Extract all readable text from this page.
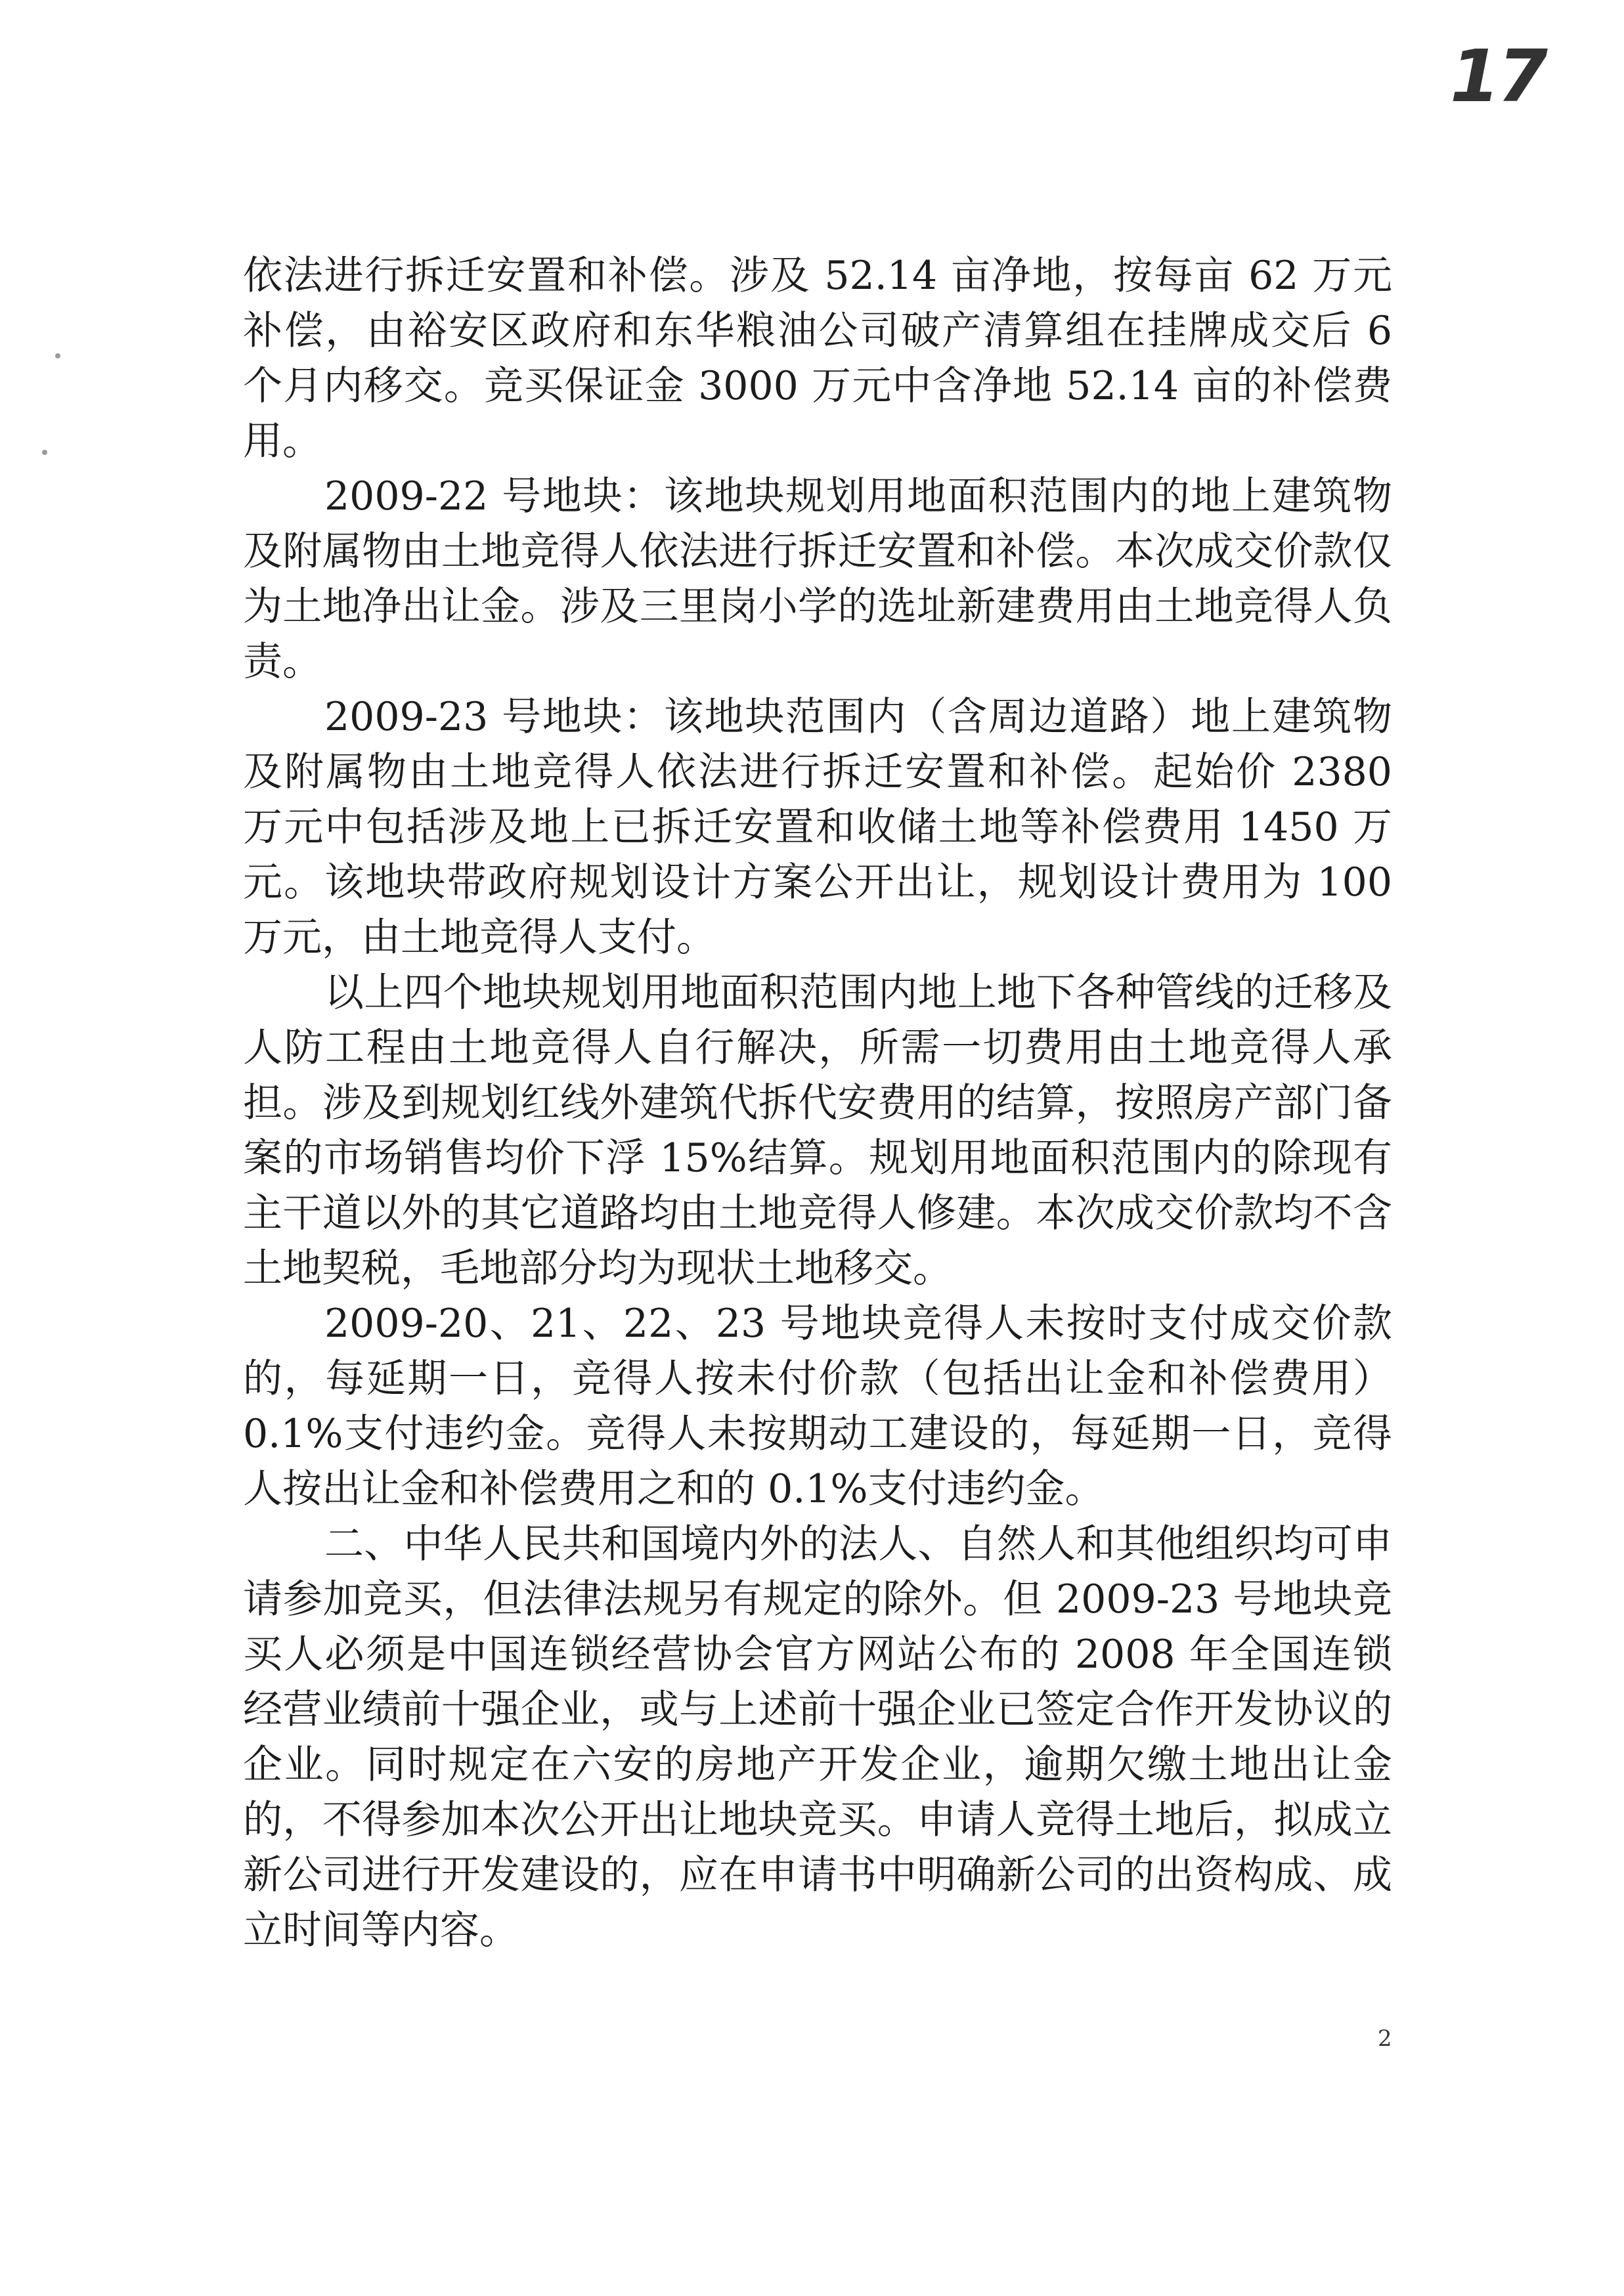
17

依法进行拆迁安置和补偿。涉及 52.14 亩净地，按每亩 62 万元补偿，由裕安区政府和东华粮油公司破产清算组在挂牌成交后 6 个月内移交。竞买保证金 3000 万元中含净地 52.14 亩的补偿费用。

2009-22 号地块：该地块规划用地面积范围内的地上建筑物及附属物由土地竞得人依法进行拆迁安置和补偿。本次成交价款仅为土地净出让金。涉及三里岗小学的选址新建费用由土地竞得人负责。

2009-23 号地块：该地块范围内（含周边道路）地上建筑物及附属物由土地竞得人依法进行拆迁安置和补偿。起始价 2380 万元中包括涉及地上已拆迁安置和收储土地等补偿费用 1450 万元。该地块带政府规划设计方案公开出让，规划设计费用为 100 万元，由土地竞得人支付。

以上四个地块规划用地面积范围内地上地下各种管线的迁移及人防工程由土地竞得人自行解决，所需一切费用由土地竞得人承担。涉及到规划红线外建筑代拆代安费用的结算，按照房产部门备案的市场销售均价下浮 15%结算。规划用地面积范围内的除现有主干道以外的其它道路均由土地竞得人修建。本次成交价款均不含土地契税，毛地部分均为现状土地移交。

2009-20、21、22、23 号地块竞得人未按时支付成交价款的，每延期一日，竞得人按未付价款（包括出让金和补偿费用）0.1%支付违约金。竞得人未按期动工建设的，每延期一日，竞得人按出让金和补偿费用之和的 0.1%支付违约金。

二、中华人民共和国境内外的法人、自然人和其他组织均可申请参加竞买，但法律法规另有规定的除外。但 2009-23 号地块竞买人必须是中国连锁经营协会官方网站公布的 2008 年全国连锁经营业绩前十强企业，或与上述前十强企业已签定合作开发协议的企业。同时规定在六安的房地产开发企业，逾期欠缴土地出让金的，不得参加本次公开出让地块竞买。申请人竞得土地后，拟成立新公司进行开发建设的，应在申请书中明确新公司的出资构成、成立时间等内容。

2
